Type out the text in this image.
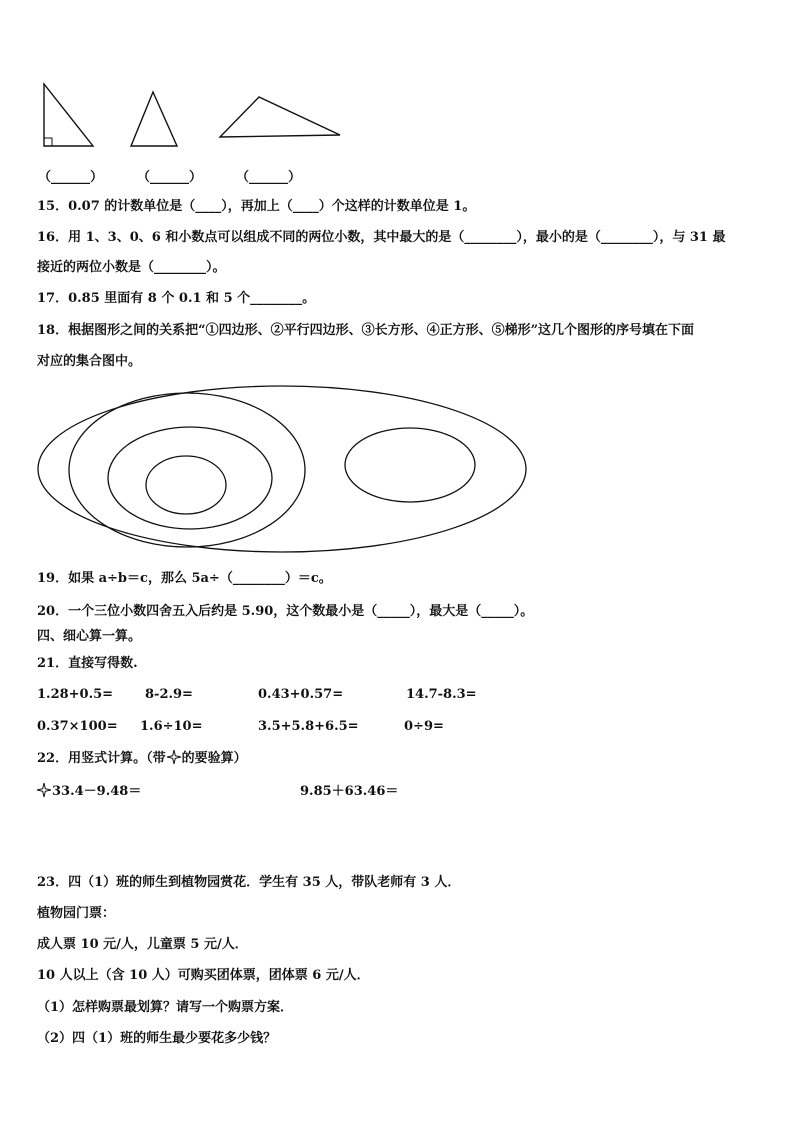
（______）	（______）	（______）
15．0.07 的计数单位是（____），再加上（____）个这样的计数单位是 1。
16．用 1、3、0、6 和小数点可以组成不同的两位小数，其中最大的是（________），最小的是（________），与 31 最
接近的两位小数是（________）。
17．0.85 里面有 8 个 0.1 和 5 个________。
18．根据图形之间的关系把“①四边形、②平行四边形、③长方形、④正方形、⑤梯形”这几个图形的序号填在下面
对应的集合图中。
19．如果 a÷b＝c，那么 5a÷（________）＝c。
20．一个三位小数四舍五入后约是 5.90，这个数最小是（_____），最大是（_____）。
四、细心算一算。
21．直接写得数.
1.28+0.5= 8-2.9=	0.43+0.57=	14.7-8.3=
0.37×100= 1.6÷10=	3.5+5.8+6.5=	0÷9=
22．用竖式计算。（带 的要验算）
33.4－9.48＝	9.85＋63.46＝
23．四（1）班的师生到植物园赏花．学生有 35 人，带队老师有 3 人．
植物园门票：
成人票 10 元/人，儿童票 5 元/人．
10 人以上（含 10 人）可购买团体票，团体票 6 元/人．
（1）怎样购票最划算？请写一个购票方案．
（2）四（1）班的师生最少要花多少钱？
